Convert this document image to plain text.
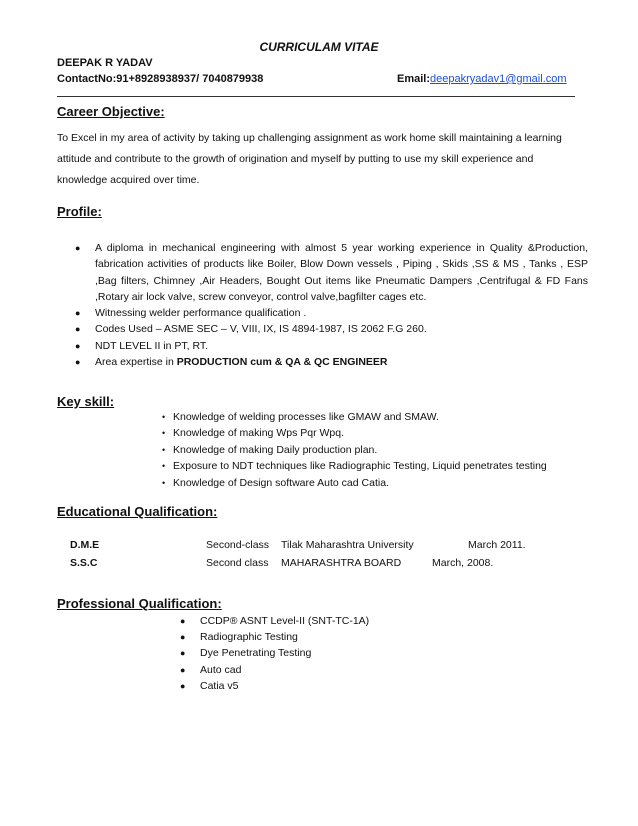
CURRICULAM VITAE
DEEPAK R YADAV
ContactNo:91+8928938937/ 7040879938	Email:deepakryadav1@gmail.com
Career Objective:
To Excel in my area of activity by taking up challenging assignment as work home skill maintaining a learning attitude and contribute to the growth of origination and myself by putting to use my skill experience and knowledge acquired over time.
Profile:
● A diploma in mechanical engineering with almost 5 year working experience in Quality &Production, fabrication activities of products like Boiler, Blow Down vessels , Piping , Skids ,SS & MS , Tanks , ESP ,Bag filters, Chimney ,Air Headers, Bought Out items like Pneumatic Dampers ,Centrifugal & FD Fans ,Rotary air lock valve, screw conveyor, control valve,bagfilter cages etc.
● Witnessing welder performance qualification .
● Codes Used – ASME SEC – V, VIII, IX, IS 4894-1987, IS 2062 F.G 260.
● NDT LEVEL II in PT, RT.
● Area expertise in PRODUCTION cum & QA & QC ENGINEER
Key skill:
• Knowledge of welding processes like GMAW and SMAW.
• Knowledge of making Wps Pqr Wpq.
• Knowledge of making Daily production plan.
• Exposure to NDT techniques like Radiographic Testing, Liquid penetrates testing
• Knowledge of Design software Auto cad Catia.
Educational Qualification:
D.M.E	Second-class Tilak Maharashtra University	March 2011.
S.S.C	Second class MAHARASHTRA BOARD	March, 2008.
Professional Qualification:
● CCDP® ASNT Level-II (SNT-TC-1A)
● Radiographic Testing
● Dye Penetrating Testing
● Auto cad
● Catia v5
